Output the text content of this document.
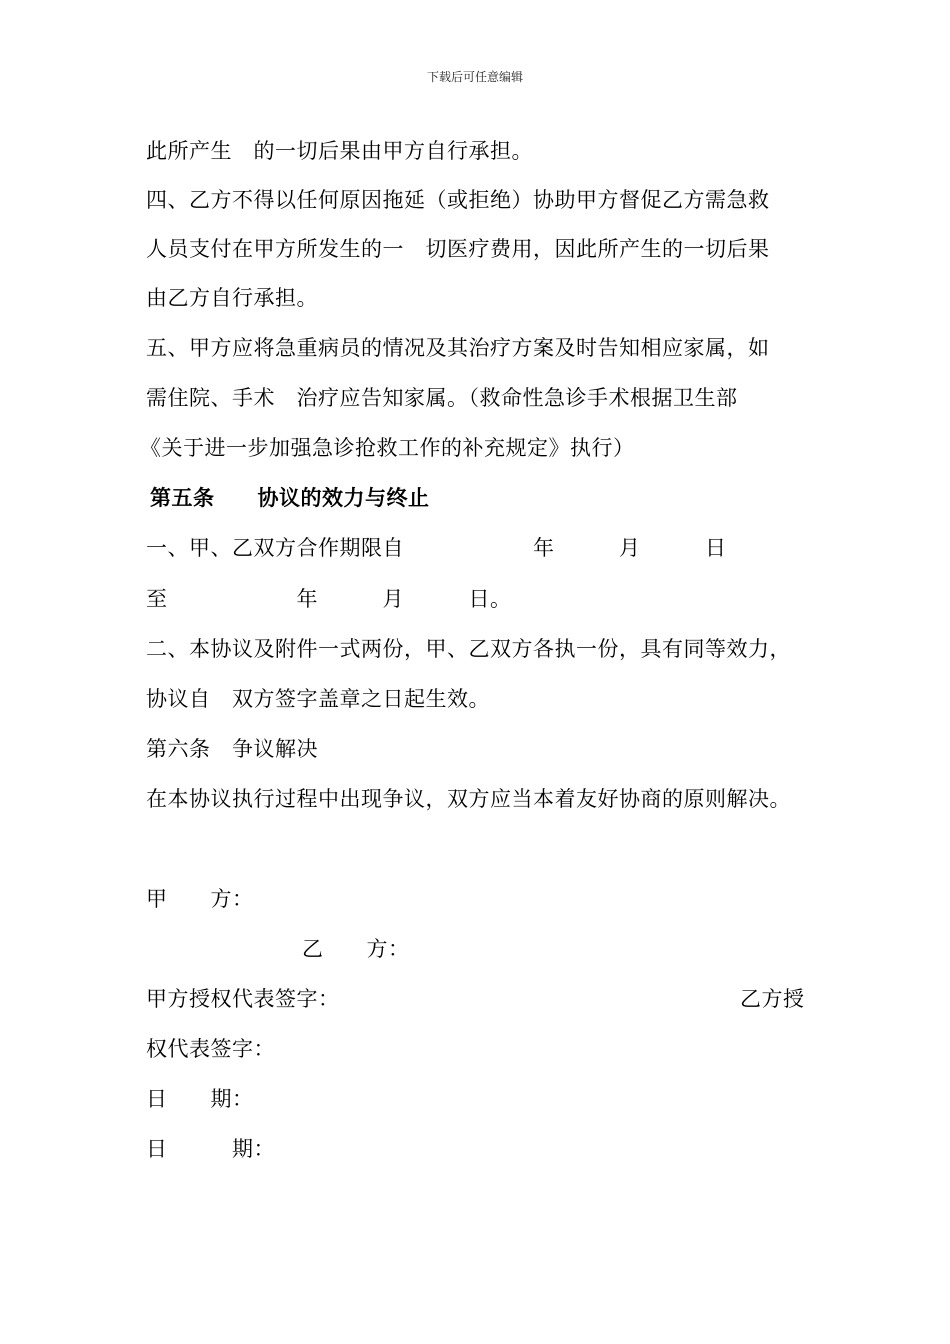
下载后可任意编辑
此所产生　的一切后果由甲方自行承担。
四、乙方不得以任何原因拖延（或拒绝）协助甲方督促乙方需急救
人员支付在甲方所发生的一　切医疗费用，因此所产生的一切后果
由乙方自行承担。
五、甲方应将急重病员的情况及其治疗方案及时告知相应家属，如
需住院、手术　治疗应告知家属。（救命性急诊手术根据卫生部
《关于进一步加强急诊抢救工作的补充规定》执行）
第五条　　协议的效力与终止
一、甲、乙双方合作期限自　　　　　　年　　　月　　　日
至　　　　　　年　　　月　　　日。
二、本协议及附件一式两份，甲、乙双方各执一份，具有同等效力，
协议自　双方签字盖章之日起生效。
第六条　争议解决
在本协议执行过程中出现争议，双方应当本着友好协商的原则解决。
甲　　方：
乙　　方：
甲方授权代表签字：	乙方授
权代表签字：
日　　期：
日　　　期：
